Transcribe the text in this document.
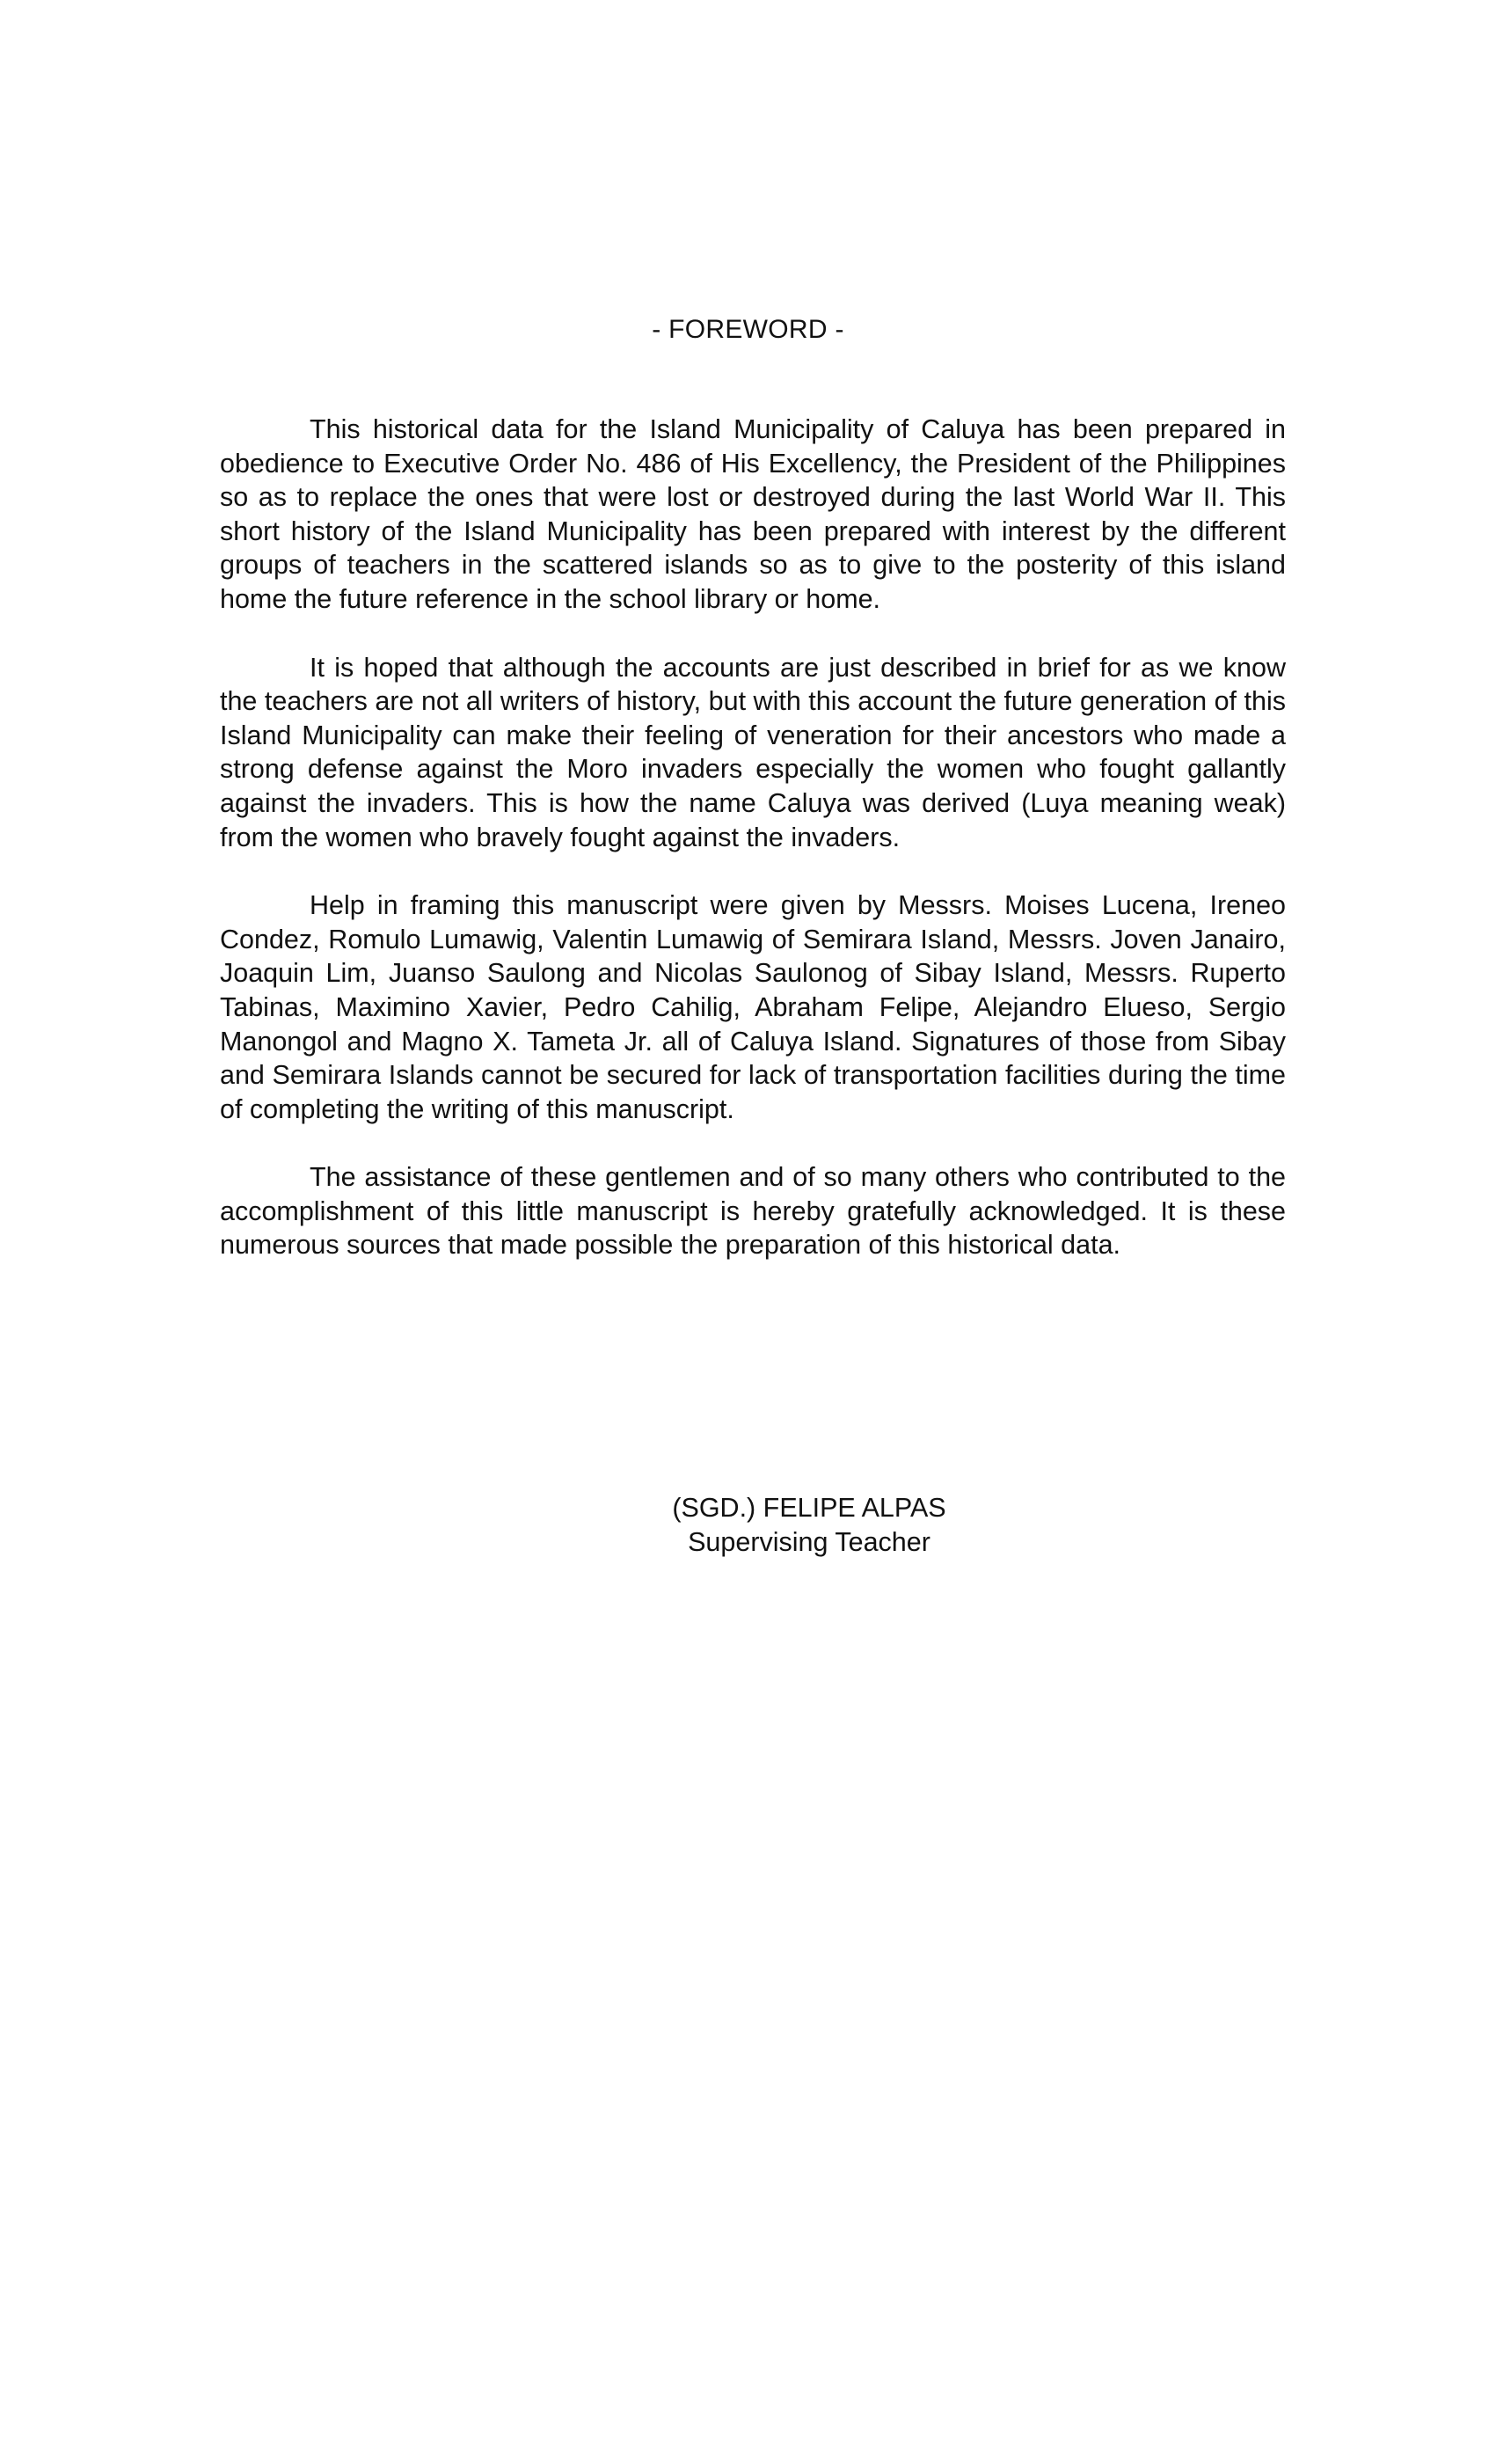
- FOREWORD -

This historical data for the Island Municipality of Caluya has been prepared in obedience to Executive Order No. 486 of His Excellency, the President of the Philippines so as to replace the ones that were lost or destroyed during the last World War II. This short history of the Island Municipality has been prepared with interest by the different groups of teachers in the scattered islands so as to give to the posterity of this island home the future reference in the school library or home.

It is hoped that although the accounts are just described in brief for as we know the teachers are not all writers of history, but with this account the future generation of this Island Municipality can make their feeling of veneration for their ancestors who made a strong defense against the Moro invaders especially the women who fought gallantly against the invaders. This is how the name Caluya was derived (Luya meaning weak) from the women who bravely fought against the invaders.

Help in framing this manuscript were given by Messrs. Moises Lucena, Ireneo Condez, Romulo Lumawig, Valentin Lumawig of Semirara Island, Messrs. Joven Janairo, Joaquin Lim, Juanso Saulong and Nicolas Saulonog of Sibay Island, Messrs. Ruperto Tabinas, Maximino Xavier, Pedro Cahilig, Abraham Felipe, Alejandro Elueso, Sergio Manongol and Magno X. Tameta Jr. all of Caluya Island. Signatures of those from Sibay and Semirara Islands cannot be secured for lack of transportation facilities during the time of completing the writing of this manuscript.

The assistance of these gentlemen and of so many others who contributed to the accomplishment of this little manuscript is hereby gratefully acknowledged. It is these numerous sources that made possible the preparation of this historical data.

(SGD.) FELIPE ALPAS
Supervising Teacher
